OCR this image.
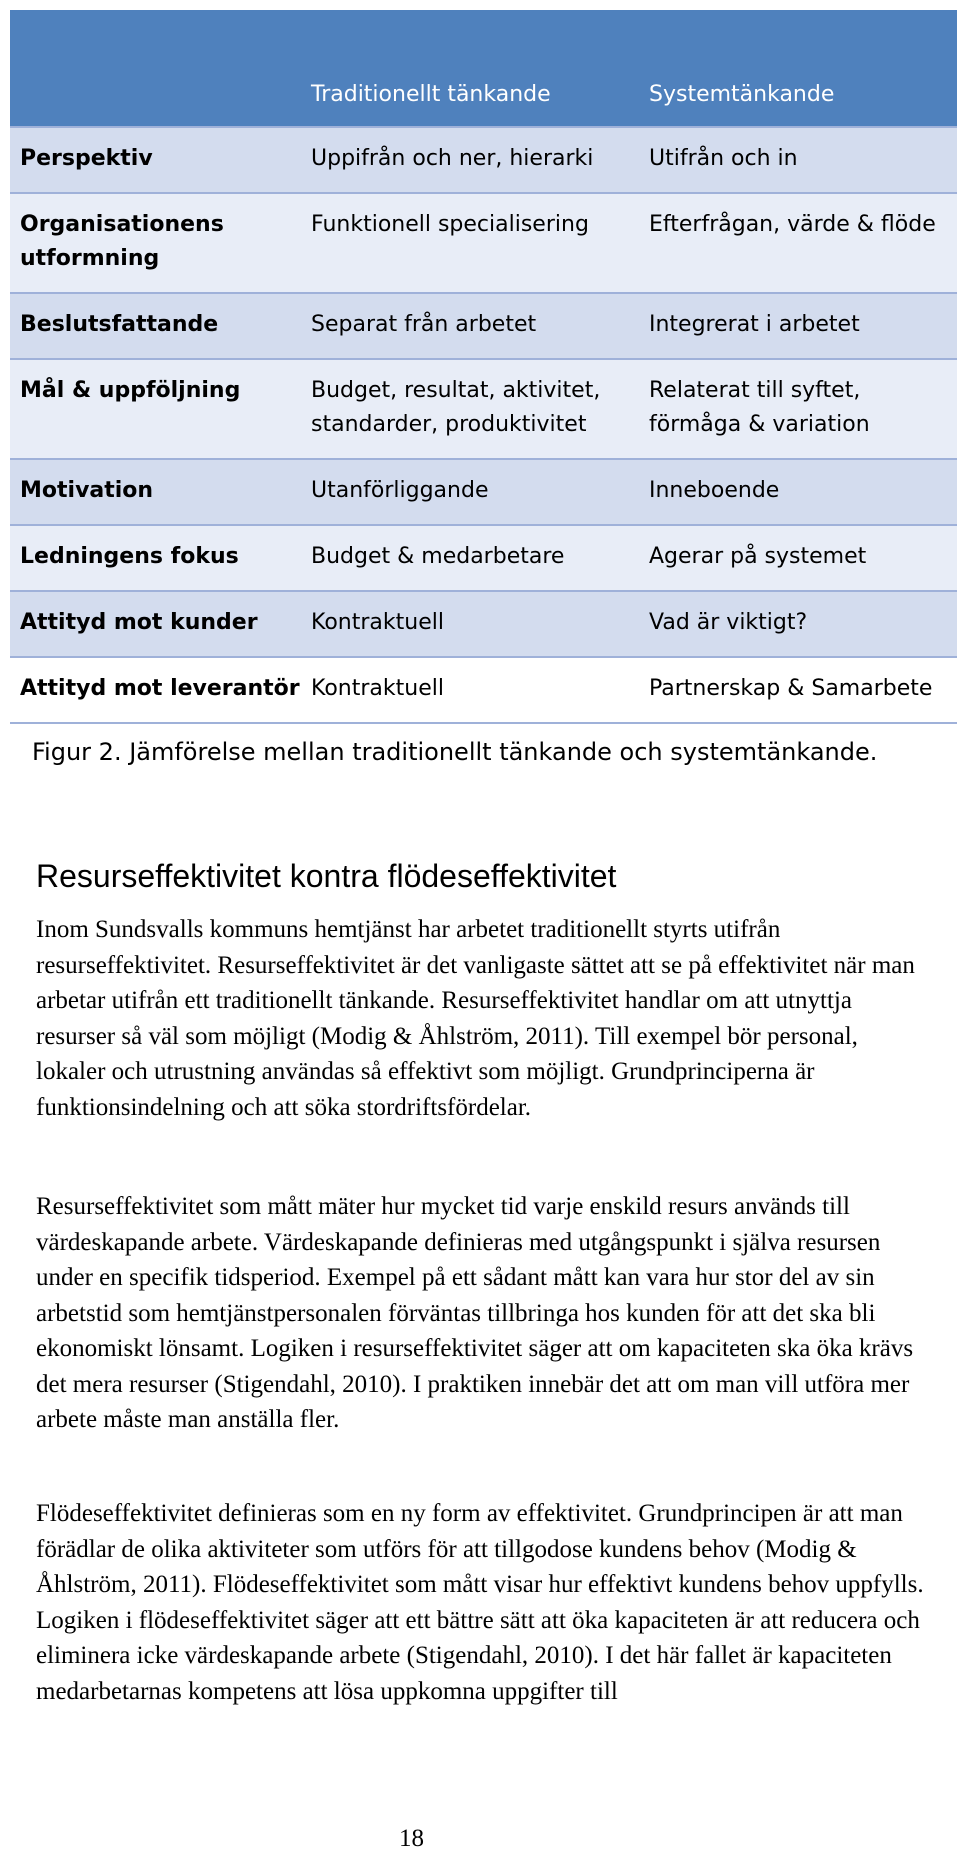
	Traditionellt tänkande	Systemtänkande
Perspektiv	Uppifrån och ner, hierarki	Utifrån och in
Organisationens utformning	Funktionell specialisering	Efterfrågan, värde & flöde
Beslutsfattande	Separat från arbetet	Integrerat i arbetet
Mål & uppföljning	Budget, resultat, aktivitet, standarder, produktivitet	Relaterat till syftet, förmåga & variation
Motivation	Utanförliggande	Inneboende
Ledningens fokus	Budget & medarbetare	Agerar på systemet
Attityd mot kunder	Kontraktuell	Vad är viktigt?
Attityd mot leverantör	Kontraktuell	Partnerskap & Samarbete
Figur 2. Jämförelse mellan traditionellt tänkande och systemtänkande.
Resurseffektivitet kontra flödeseffektivitet

Inom Sundsvalls kommuns hemtjänst har arbetet traditionellt styrts utifrån resurseffektivitet. Resurseffektivitet är det vanligaste sättet att se på effektivitet när man arbetar utifrån ett traditionellt tänkande. Resurseffektivitet handlar om att utnyttja resurser så väl som möjligt (Modig & Åhlström, 2011). Till exempel bör personal, lokaler och utrustning användas så effektivt som möjligt. Grundprinciperna är funktionsindelning och att söka stordriftsfördelar.

Resurseffektivitet som mått mäter hur mycket tid varje enskild resurs används till värdeskapande arbete. Värdeskapande definieras med utgångspunkt i själva resursen under en specifik tidsperiod. Exempel på ett sådant mått kan vara hur stor del av sin arbetstid som hemtjänstpersonalen förväntas tillbringa hos kunden för att det ska bli ekonomiskt lönsamt. Logiken i resurseffektivitet säger att om kapaciteten ska öka krävs det mera resurser (Stigendahl, 2010). I praktiken innebär det att om man vill utföra mer arbete måste man anställa fler.

Flödeseffektivitet definieras som en ny form av effektivitet. Grundprincipen är att man förädlar de olika aktiviteter som utförs för att tillgodose kundens behov (Modig & Åhlström, 2011). Flödeseffektivitet som mått visar hur effektivt kundens behov uppfylls. Logiken i flödeseffektivitet säger att ett bättre sätt att öka kapaciteten är att reducera och eliminera icke värdeskapande arbete (Stigendahl, 2010). I det här fallet är kapaciteten medarbetarnas kompetens att lösa uppkomna uppgifter till

18
